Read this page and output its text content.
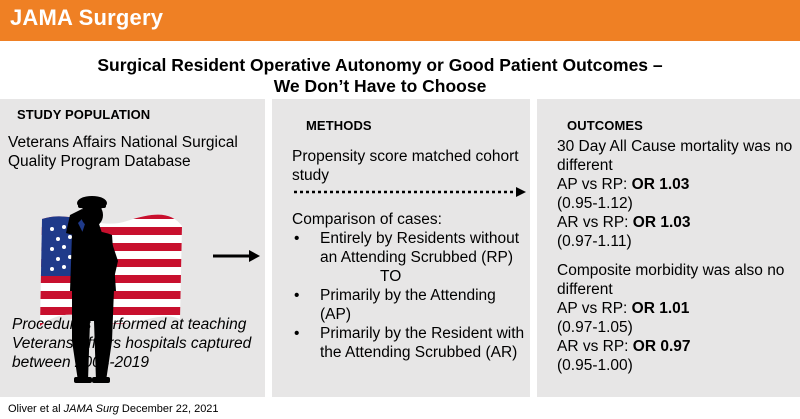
JAMA Surgery
Surgical Resident Operative Autonomy or Good Patient Outcomes –
We Don’t Have to Choose
STUDY POPULATION
Veterans Affairs National Surgical Quality Program Database
Procedures performed at teaching Veterans Affairs hospitals captured between 2004-2019
METHODS
Propensity score matched cohort study
Comparison of cases:
• Entirely by Residents without an Attending Scrubbed (RP)
TO
• Primarily by the Attending (AP)
• Primarily by the Resident with the Attending Scrubbed (AR)
OUTCOMES
30 Day All Cause mortality was no different
AP vs RP: OR 1.03
(0.95-1.12)
AR vs RP: OR 1.03
(0.97-1.11)
Composite morbidity was also no different
AP vs RP: OR 1.01
(0.97-1.05)
AR vs RP: OR 0.97
(0.95-1.00)
Oliver et al JAMA Surg December 22, 2021
